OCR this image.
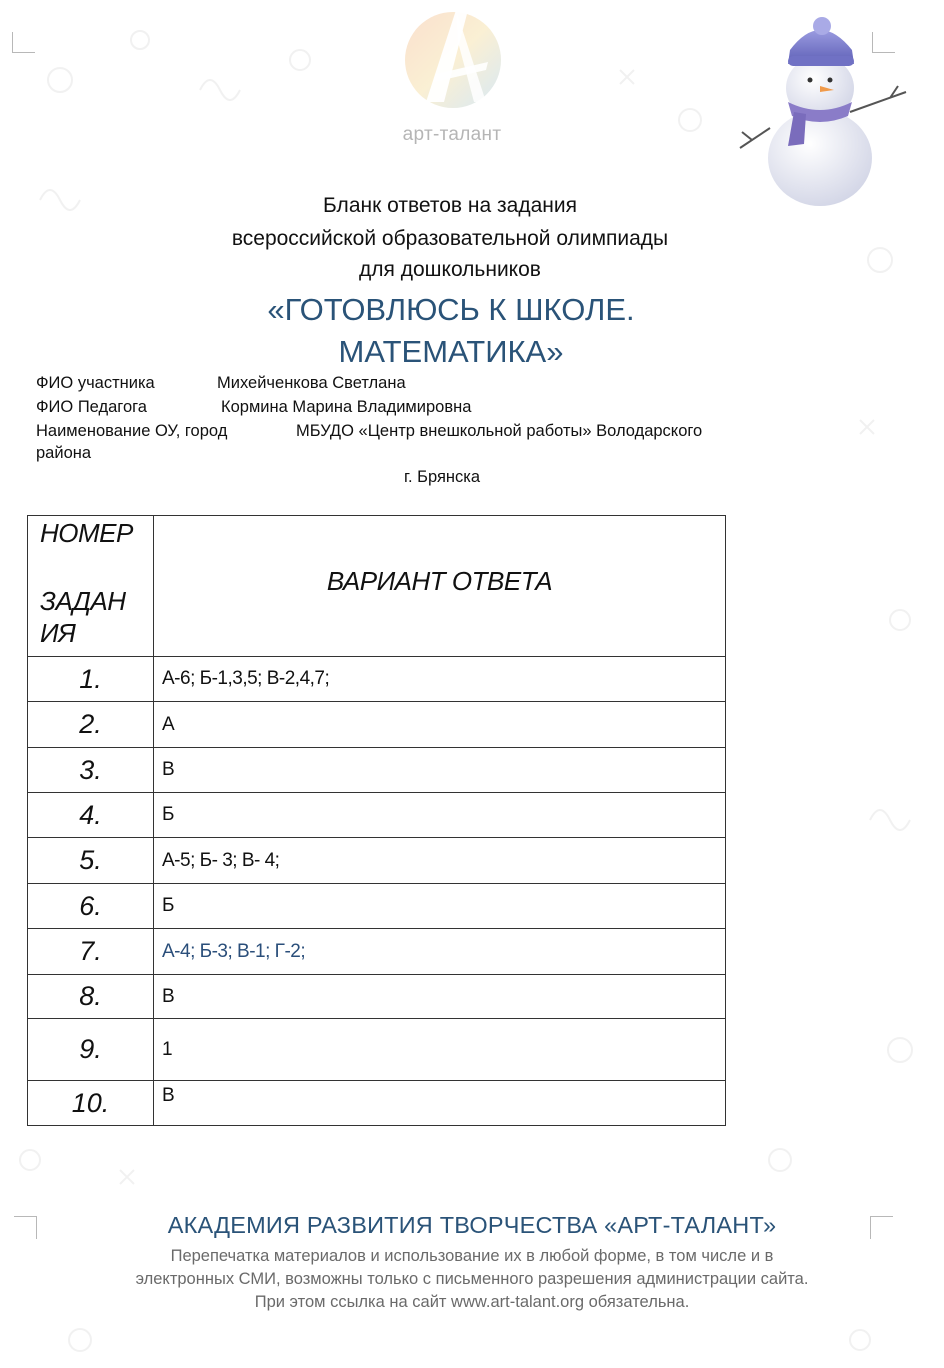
арт-талант

Бланк ответов на задания

всероссийской образовательной олимпиады

для дошкольников

«ГОТОВЛЮСЬ К ШКОЛЕ.

МАТЕМАТИКА»

ФИО участника	Михейченкова Светлана
ФИО Педагога	Кормина Марина Владимировна
Наименование ОУ, город	МБУДО «Центр внешкольной работы» Володарского
района
г. Брянска
НОМЕР
ЗАДАН ИЯ	ВАРИАНТ ОТВЕТА

1.	А-6; Б-1,3,5; В-2,4,7;
2.	А
3.	В
4.	Б
5.	А-5; Б- 3; В- 4;
6.	Б
7.	А-4; Б-3; В-1; Г-2;
8.	В
9.	1
10.	В
АКАДЕМИЯ РАЗВИТИЯ ТВОРЧЕСТВА «АРТ-ТАЛАНТ»
Перепечатка материалов и использование их в любой форме, в том числе и в
электронных СМИ, возможны только с письменного разрешения администрации сайта.
При этом ссылка на сайт www.art-talant.org обязательна.
